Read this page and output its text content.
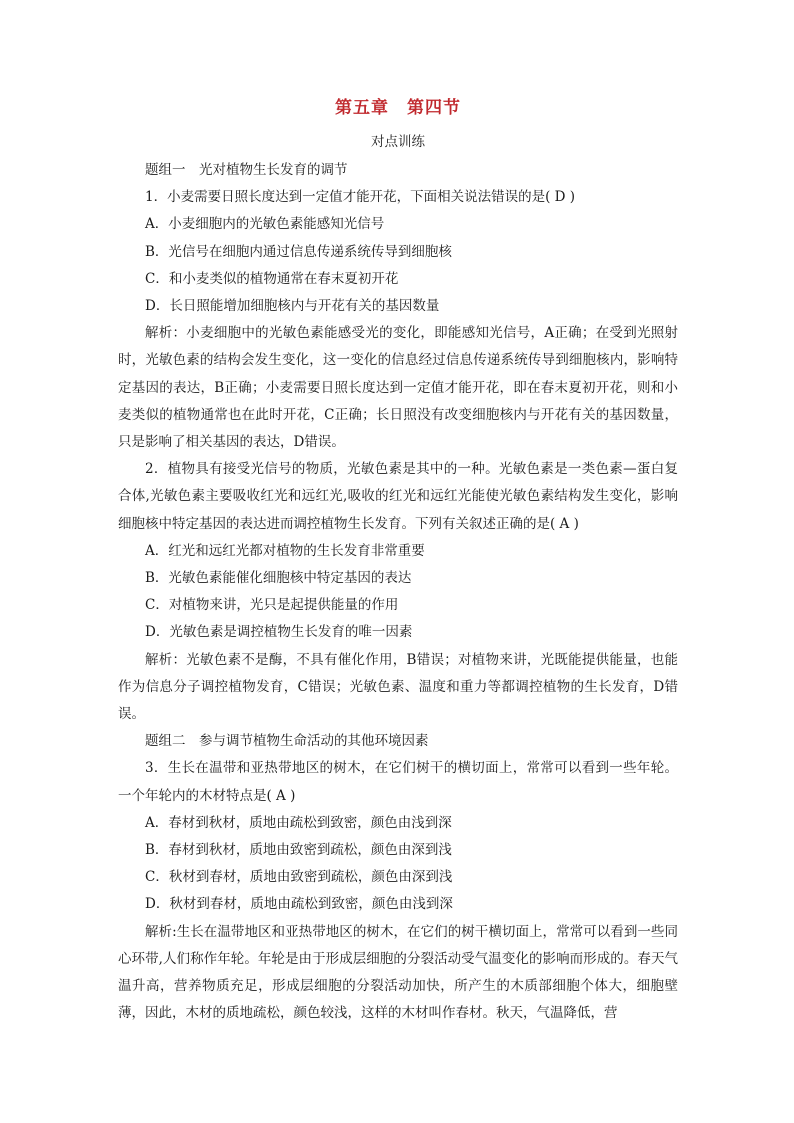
第五章　第四节
对点训练

题组一　光对植物生长发育的调节

1．小麦需要日照长度达到一定值才能开花，下面相关说法错误的是( D )

A．小麦细胞内的光敏色素能感知光信号

B．光信号在细胞内通过信息传递系统传导到细胞核

C．和小麦类似的植物通常在春末夏初开花

D．长日照能增加细胞核内与开花有关的基因数量

解析：小麦细胞中的光敏色素能感受光的变化，即能感知光信号，A正确；在受到光照射时，光敏色素的结构会发生变化，这一变化的信息经过信息传递系统传导到细胞核内，影响特定基因的表达，B正确；小麦需要日照长度达到一定值才能开花，即在春末夏初开花，则和小麦类似的植物通常也在此时开花，C正确；长日照没有改变细胞核内与开花有关的基因数量，只是影响了相关基因的表达，D错误。

2．植物具有接受光信号的物质，光敏色素是其中的一种。光敏色素是一类色素—蛋白复合体,光敏色素主要吸收红光和远红光,吸收的红光和远红光能使光敏色素结构发生变化，影响细胞核中特定基因的表达进而调控植物生长发育。下列有关叙述正确的是( A )

A．红光和远红光都对植物的生长发育非常重要

B．光敏色素能催化细胞核中特定基因的表达

C．对植物来讲，光只是起提供能量的作用

D．光敏色素是调控植物生长发育的唯一因素

解析：光敏色素不是酶，不具有催化作用，B错误；对植物来讲，光既能提供能量，也能作为信息分子调控植物发育，C错误；光敏色素、温度和重力等都调控植物的生长发育，D错误。

题组二　参与调节植物生命活动的其他环境因素

3．生长在温带和亚热带地区的树木，在它们树干的横切面上，常常可以看到一些年轮。一个年轮内的木材特点是( A )

A．春材到秋材，质地由疏松到致密，颜色由浅到深

B．春材到秋材，质地由致密到疏松，颜色由深到浅

C．秋材到春材，质地由致密到疏松，颜色由深到浅

D．秋材到春材，质地由疏松到致密，颜色由浅到深

解析:生长在温带地区和亚热带地区的树木，在它们的树干横切面上，常常可以看到一些同心环带,人们称作年轮。年轮是由于形成层细胞的分裂活动受气温变化的影响而形成的。春天气温升高，营养物质充足，形成层细胞的分裂活动加快，所产生的木质部细胞个体大，细胞壁薄，因此，木材的质地疏松，颜色较浅，这样的木材叫作春材。秋天，气温降低，营
